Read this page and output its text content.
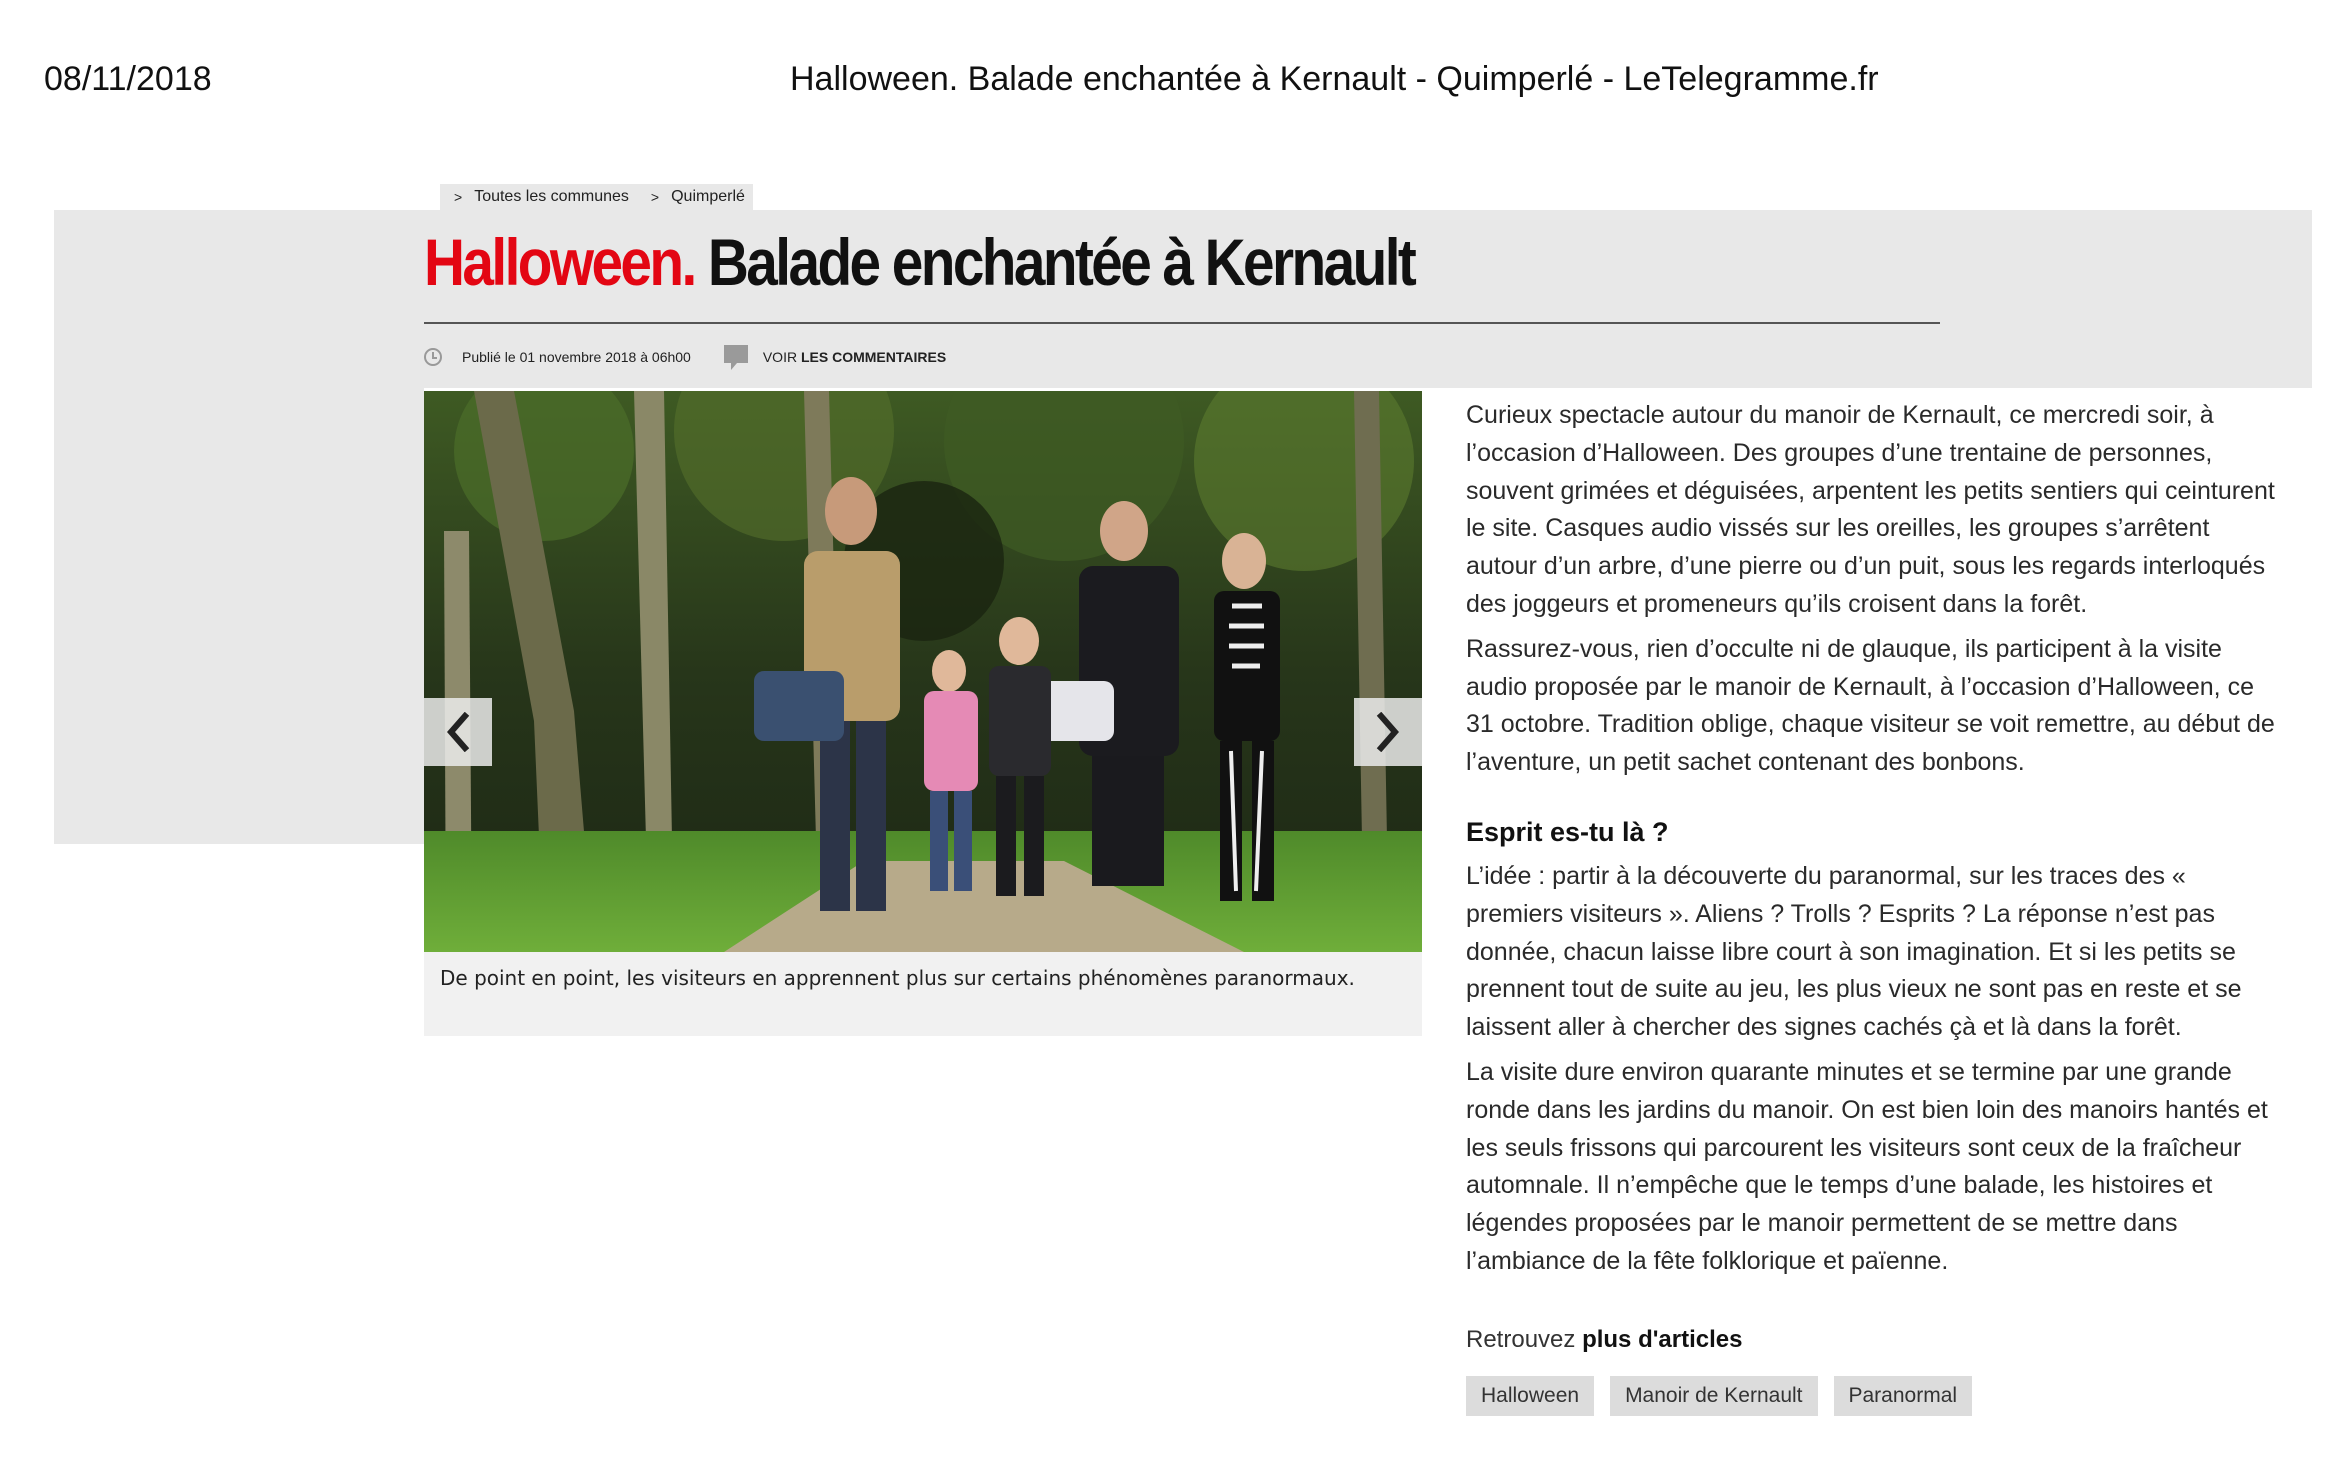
08/11/2018	Halloween. Balade enchantée à Kernault - Quimperlé - LeTelegramme.fr
> Toutes les communes > Quimperlé
Halloween. Balade enchantée à Kernault
Publié le 01 novembre 2018 à 06h00	VOIR LES COMMENTAIRES
De point en point, les visiteurs en apprennent plus sur certains phénomènes paranormaux.

Curieux spectacle autour du manoir de Kernault, ce mercredi soir, à l’occasion d’Halloween. Des groupes d’une trentaine de personnes, souvent grimées et déguisées, arpentent les petits sentiers qui ceinturent le site. Casques audio vissés sur les oreilles, les groupes s’arrêtent autour d’un arbre, d’une pierre ou d’un puit, sous les regards interloqués des joggeurs et promeneurs qu’ils croisent dans la forêt.

Rassurez-vous, rien d’occulte ni de glauque, ils participent à la visite audio proposée par le manoir de Kernault, à l’occasion d’Halloween, ce 31 octobre. Tradition oblige, chaque visiteur se voit remettre, au début de l’aventure, un petit sachet contenant des bonbons.

Esprit es-tu là ?

L’idée : partir à la découverte du paranormal, sur les traces des « premiers visiteurs ». Aliens ? Trolls ? Esprits ? La réponse n’est pas donnée, chacun laisse libre court à son imagination. Et si les petits se prennent tout de suite au jeu, les plus vieux ne sont pas en reste et se laissent aller à chercher des signes cachés çà et là dans la forêt.

La visite dure environ quarante minutes et se termine par une grande ronde dans les jardins du manoir. On est bien loin des manoirs hantés et les seuls frissons qui parcourent les visiteurs sont ceux de la fraîcheur automnale. Il n’empêche que le temps d’une balade, les histoires et légendes proposées par le manoir permettent de se mettre dans l’ambiance de la fête folklorique et païenne.

Retrouvez plus d'articles
Halloween	Manoir de Kernault	Paranormal
